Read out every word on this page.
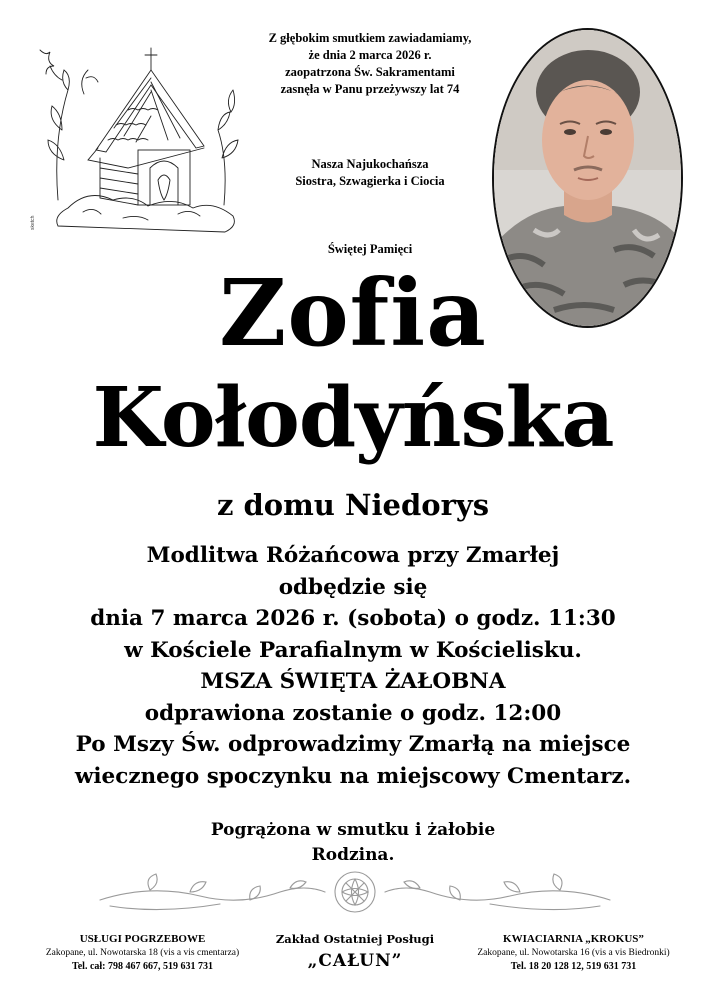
sketch
Z głębokim smutkiem zawiadamiamy,
że dnia 2 marca 2026 r.
zaopatrzona Św. Sakramentami
zasnęła w Panu przeżywszy lat 74
Nasza Najukochańsza
Siostra, Szwagierka i Ciocia
Świętej Pamięci
Zofia
Kołodyńska
z domu Niedorys
Modlitwa Różańcowa przy Zmarłej
odbędzie się
dnia 7 marca 2026 r. (sobota) o godz. 11:30
w Kościele Parafialnym w Kościelisku.
MSZA ŚWIĘTA ŻAŁOBNA
odprawiona zostanie o godz. 12:00
Po Mszy Św. odprowadzimy Zmarłą na miejsce
wiecznego spoczynku na miejscowy Cmentarz.
Pogrążona w smutku i żałobie
Rodzina.
USŁUGI POGRZEBOWE
Zakopane, ul. Nowotarska 18 (vis a vis cmentarza)
Tel. cał: 798 467 667, 519 631 731
Zakład Ostatniej Posługi
„CAŁUN”
KWIACIARNIA „KROKUS”
Zakopane, ul. Nowotarska 16 (vis a vis Biedronki)
Tel. 18 20 128 12, 519 631 731
